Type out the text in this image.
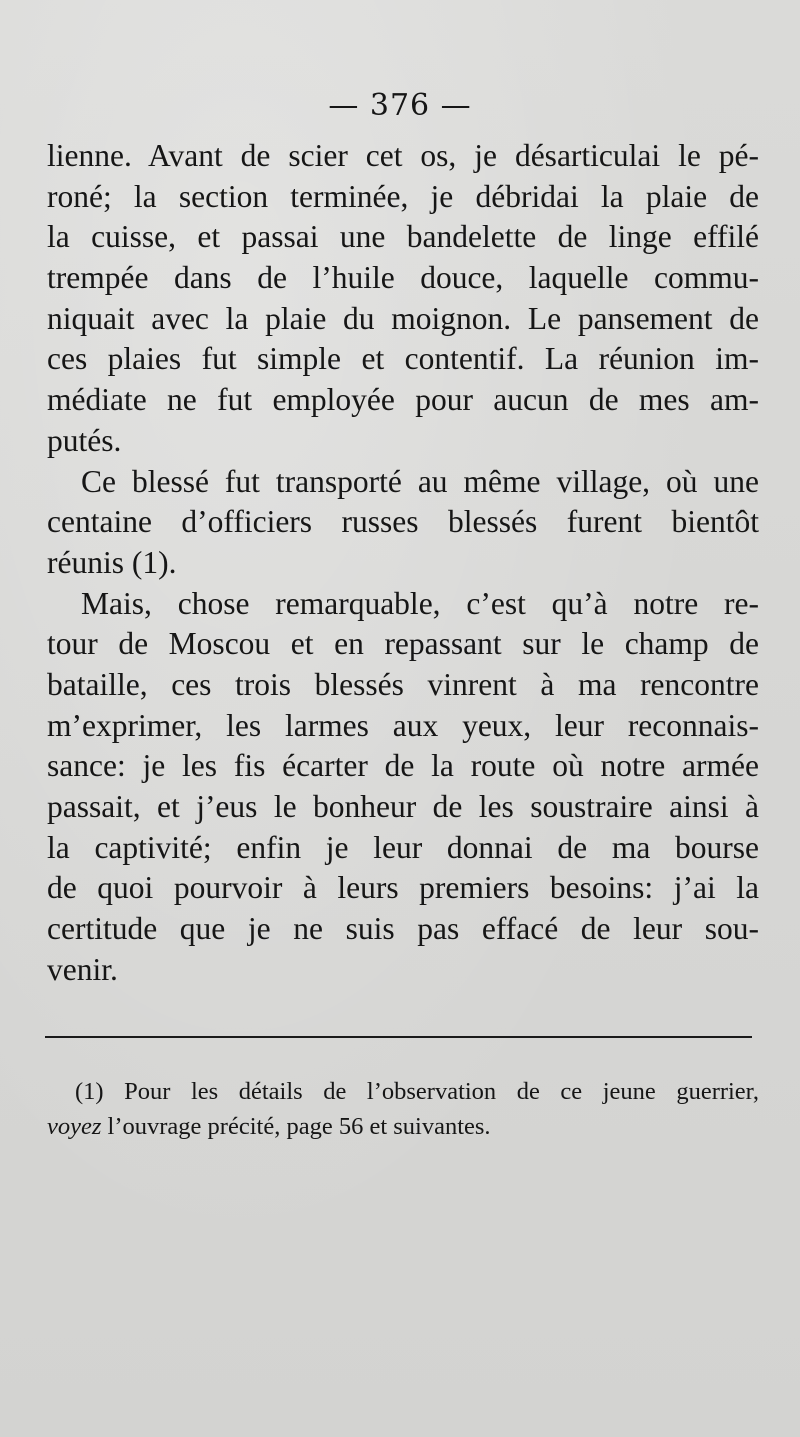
— 376 —
lienne. Avant de scier cet os, je désarticulai le pé-
roné; la section terminée, je débridai la plaie de
la cuisse, et passai une bandelette de linge effilé
trempée dans de l’huile douce, laquelle commu-
niquait avec la plaie du moignon. Le pansement de
ces plaies fut simple et contentif. La réunion im-
médiate ne fut employée pour aucun de mes am-
putés.
Ce blessé fut transporté au même village, où une
centaine d’officiers russes blessés furent bientôt
réunis (1).
Mais, chose remarquable, c’est qu’à notre re-
tour de Moscou et en repassant sur le champ de
bataille, ces trois blessés vinrent à ma rencontre
m’exprimer, les larmes aux yeux, leur reconnais-
sance: je les fis écarter de la route où notre armée
passait, et j’eus le bonheur de les soustraire ainsi à
la captivité; enfin je leur donnai de ma bourse
de quoi pourvoir à leurs premiers besoins: j’ai la
certitude que je ne suis pas effacé de leur sou-
venir.
(1) Pour les détails de l’observation de ce jeune guerrier,
voyez l’ouvrage précité, page 56 et suivantes.
